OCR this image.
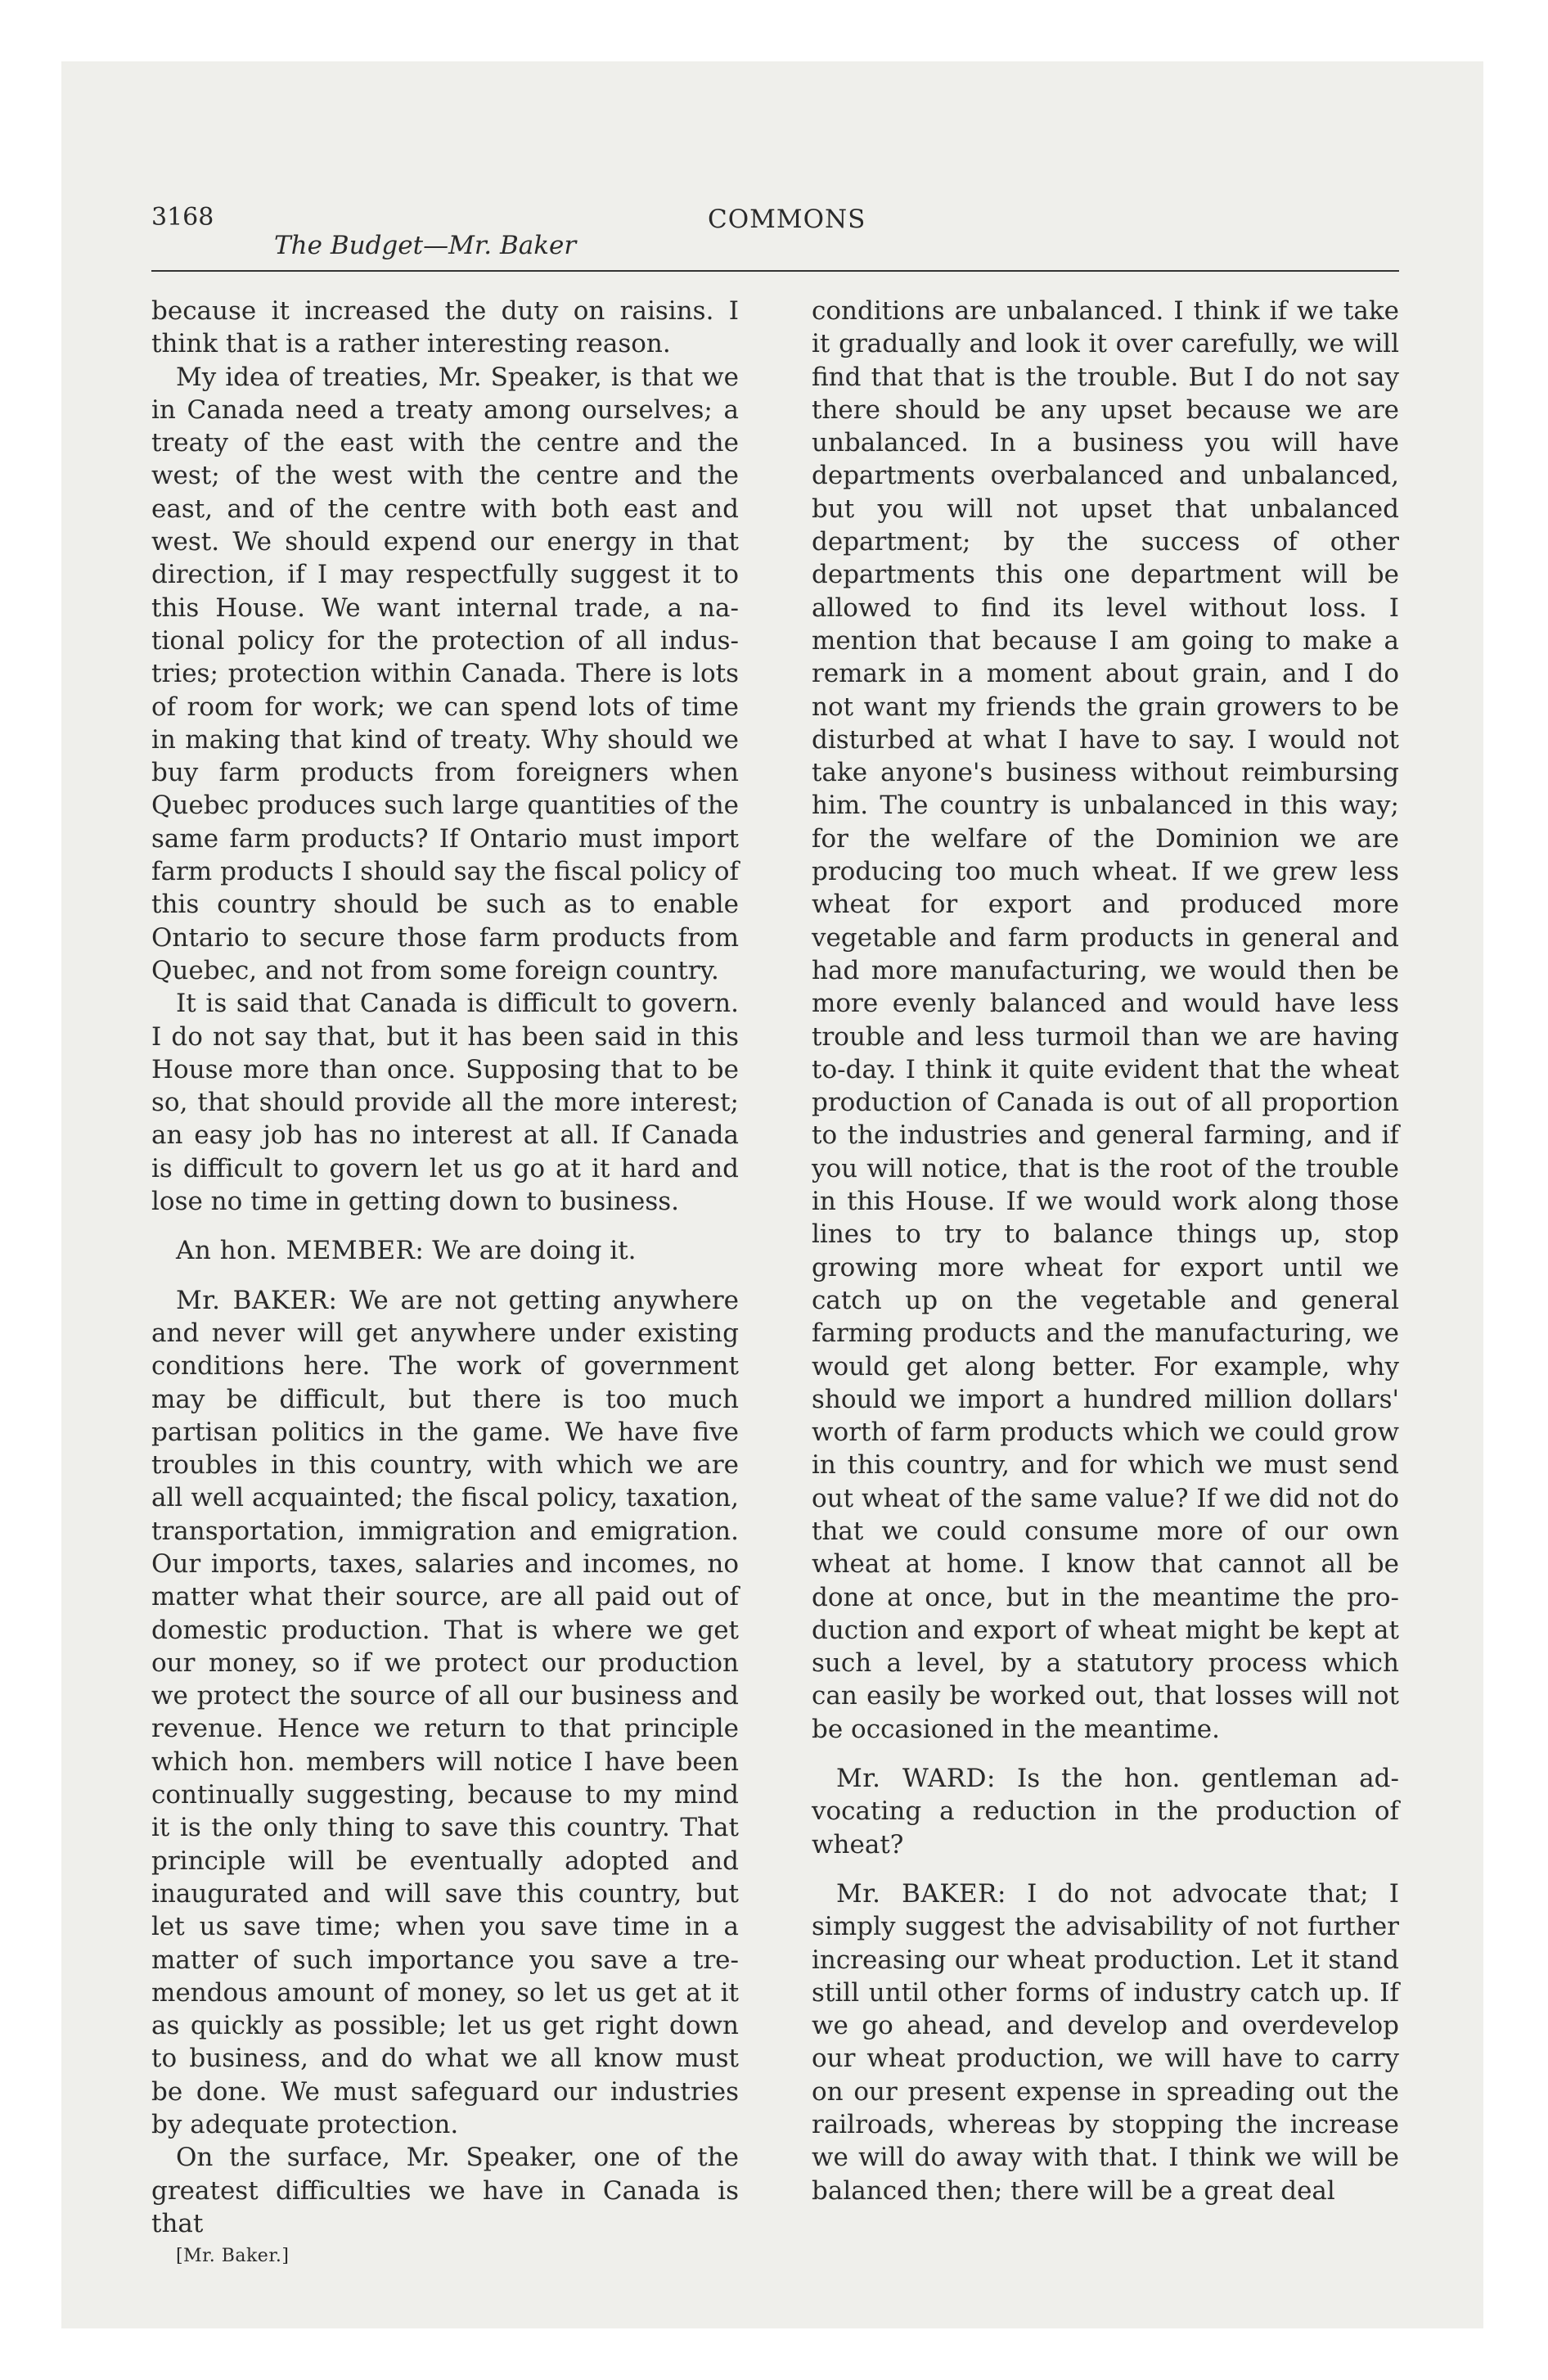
3168
The Budget—Mr. Baker
COMMONS

because it increased the duty on raisins. I think that is a rather interesting reason.

My idea of treaties, Mr. Speaker, is that we in Canada need a treaty among ourselves; a treaty of the east with the centre and the west; of the west with the centre and the east, and of the centre with both east and west. We should expend our energy in that direction, if I may respectfully suggest it to this House. We want internal trade, a national policy for the protection of all industries; protection within Canada. There is lots of room for work; we can spend lots of time in making that kind of treaty. Why should we buy farm products from foreigners when Quebec produces such large quantities of the same farm products? If Ontario must import farm products I should say the fiscal policy of this country should be such as to enable Ontario to secure those farm products from Quebec, and not from some foreign country.

It is said that Canada is difficult to govern. I do not say that, but it has been said in this House more than once. Supposing that to be so, that should provide all the more interest; an easy job has no interest at all. If Canada is difficult to govern let us go at it hard and lose no time in getting down to business.

An hon. MEMBER: We are doing it.

Mr. BAKER: We are not getting anywhere and never will get anywhere under existing conditions here. The work of government may be difficult, but there is too much partisan politics in the game. We have five troubles in this country, with which we are all well acquainted; the fiscal policy, taxation, transportation, immigration and emigration. Our imports, taxes, salaries and incomes, no matter what their source, are all paid out of domestic production. That is where we get our money, so if we protect our production we protect the source of all our business and revenue. Hence we return to that principle which hon. members will notice I have been continually suggesting, because to my mind it is the only thing to save this country. That principle will be eventually adopted and inaugurated and will save this country, but let us save time; when you save time in a matter of such importance you save a tremendous amount of money, so let us get at it as quickly as possible; let us get right down to business, and do what we all know must be done. We must safeguard our industries by adequate protection.

On the surface, Mr. Speaker, one of the greatest difficulties we have in Canada is that

[Mr. Baker.]

conditions are unbalanced. I think if we take it gradually and look it over carefully, we will find that that is the trouble. But I do not say there should be any upset because we are unbalanced. In a business you will have departments overbalanced and unbalanced, but you will not upset that unbalanced department; by the success of other departments this one department will be allowed to find its level without loss. I mention that because I am going to make a remark in a moment about grain, and I do not want my friends the grain growers to be disturbed at what I have to say. I would not take anyone's business without reimbursing him. The country is unbalanced in this way; for the welfare of the Dominion we are producing too much wheat. If we grew less wheat for export and produced more vegetable and farm products in general and had more manufacturing, we would then be more evenly balanced and would have less trouble and less turmoil than we are having to-day. I think it quite evident that the wheat production of Canada is out of all proportion to the industries and general farming, and if you will notice, that is the root of the trouble in this House. If we would work along those lines to try to balance things up, stop growing more wheat for export until we catch up on the vegetable and general farming products and the manufacturing, we would get along better. For example, why should we import a hundred million dollars' worth of farm products which we could grow in this country, and for which we must send out wheat of the same value? If we did not do that we could consume more of our own wheat at home. I know that cannot all be done at once, but in the meantime the production and export of wheat might be kept at such a level, by a statutory process which can easily be worked out, that losses will not be occasioned in the meantime.

Mr. WARD: Is the hon. gentleman advocating a reduction in the production of wheat?

Mr. BAKER: I do not advocate that; I simply suggest the advisability of not further increasing our wheat production. Let it stand still until other forms of industry catch up. If we go ahead, and develop and overdevelop our wheat production, we will have to carry on our present expense in spreading out the railroads, whereas by stopping the increase we will do away with that. I think we will be balanced then; there will be a great deal
